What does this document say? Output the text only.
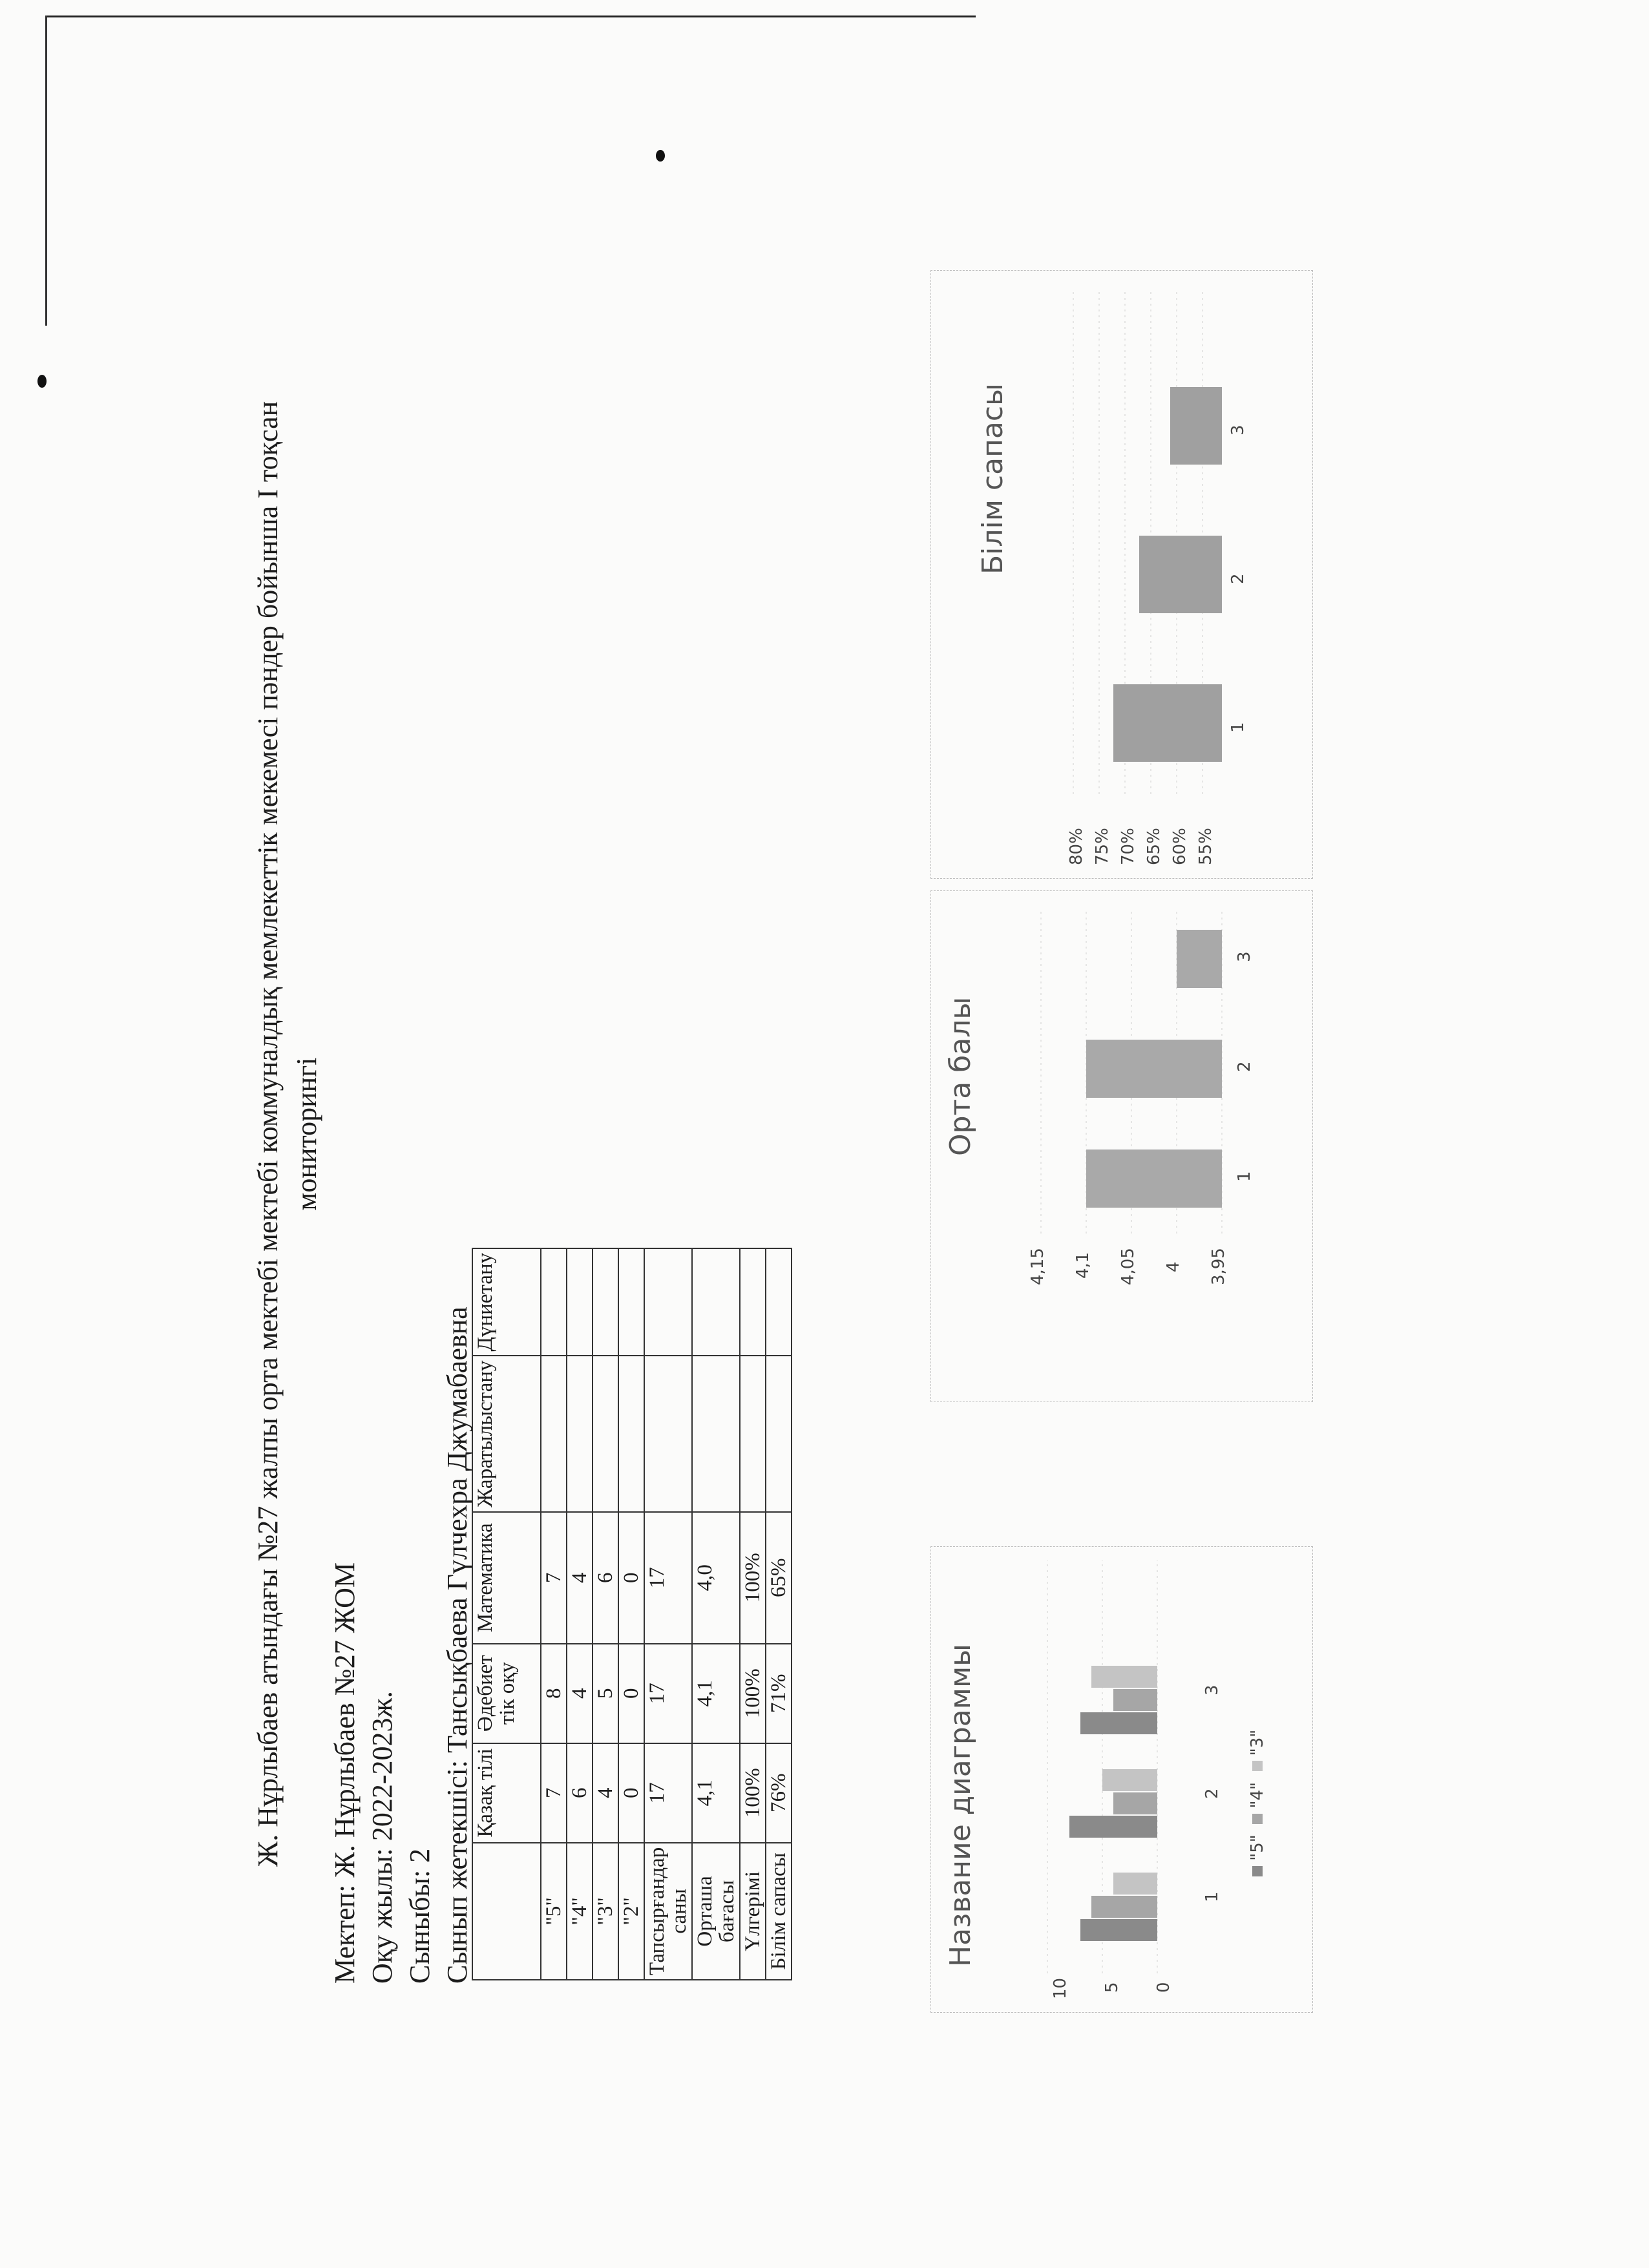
Ж. Нұрлыбаев атындағы №27 жалпы орта мектебі мектебі коммуналдық мемлекеттік мекемесі пәндер бойынша І тоқсан мониторингі
Мектеп: Ж. Нұрлыбаев №27 ЖОМ Оқу жылы: 2022-2023ж. Сыныбы: 2 Сынып жетекшісі: Тансықбаева Гүлчехра Джумабаевна
	Қазақ тілі	Әдебиет тік оқу	Математика	Жаратылыстану	Дүниетану
"5"	7	8	7		
"4"	6	4	4		
"3"	4	5	6		
"2"	0	0	0		
Тапсырғандар саны	17	17	17		
Орташа бағасы	4,1	4,1	4,0		
Үлгерімі	100%	100%	100%		
Білім сапасы	76%	71%	65%		
Название диаграммы
10 5 0
1
2
3
"5"   "4"   "3"
Орта балы
4,15 4,1 4,05 4 3,95
1
2
3
Білім сапасы
80% 75% 70% 65% 60% 55%
1
2
3
